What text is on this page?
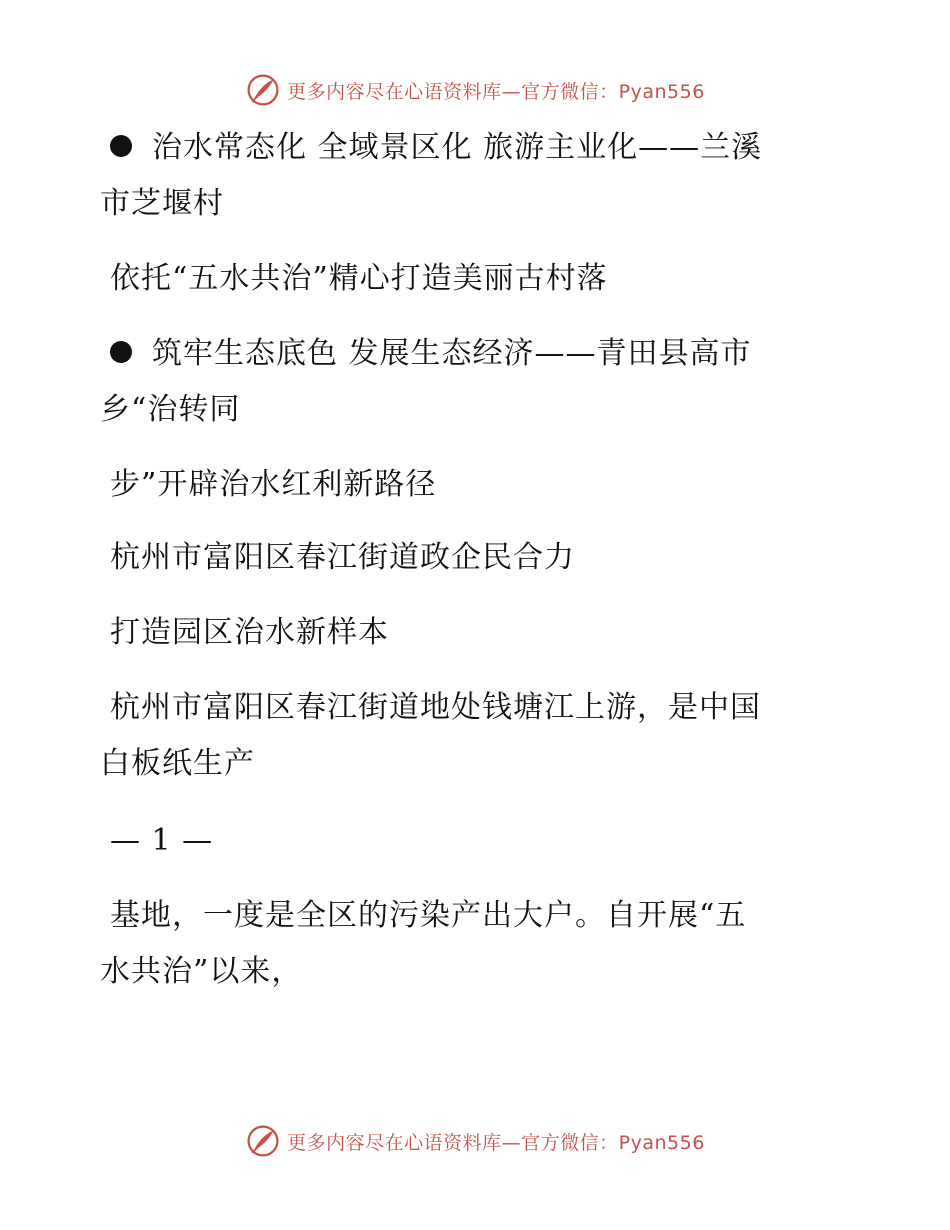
更多内容尽在心语资料库—官方微信：Pyan556
治水常态化 全域景区化 旅游主业化——兰溪
市芝堰村
依托“五水共治”精心打造美丽古村落
筑牢生态底色 发展生态经济——青田县高市
乡“治转同
步”开辟治水红利新路径
杭州市富阳区春江街道政企民合力
打造园区治水新样本
杭州市富阳区春江街道地处钱塘江上游，是中国
白板纸生产
— 1 —
基地，一度是全区的污染产出大户。自开展“五
水共治”以来，
更多内容尽在心语资料库—官方微信：Pyan556
